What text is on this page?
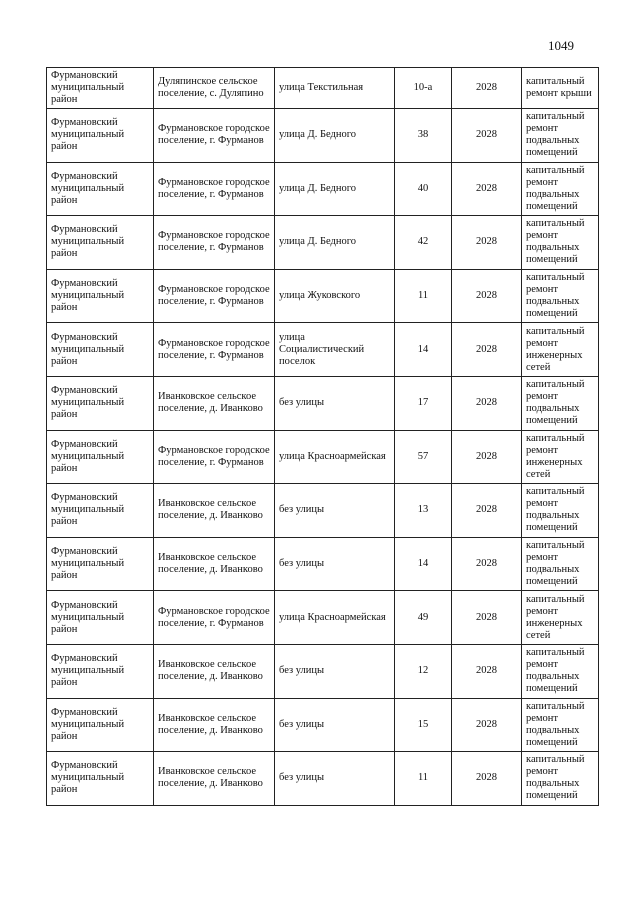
1049
Фурмановский муниципальный район	Дуляпинское сельское поселение, с. Дуляпино	улица Текстильная	10-а	2028	капитальный ремонт крыши
Фурмановский муниципальный район	Фурмановское городское поселение, г. Фурманов	улица Д. Бедного	38	2028	капитальный ремонт подвальных помещений
Фурмановский муниципальный район	Фурмановское городское поселение, г. Фурманов	улица Д. Бедного	40	2028	капитальный ремонт подвальных помещений
Фурмановский муниципальный район	Фурмановское городское поселение, г. Фурманов	улица Д. Бедного	42	2028	капитальный ремонт подвальных помещений
Фурмановский муниципальный район	Фурмановское городское поселение, г. Фурманов	улица Жуковского	11	2028	капитальный ремонт подвальных помещений
Фурмановский муниципальный район	Фурмановское городское поселение, г. Фурманов	улица Социалистический поселок	14	2028	капитальный ремонт инженерных сетей
Фурмановский муниципальный район	Иванковское сельское поселение, д. Иванково	без улицы	17	2028	капитальный ремонт подвальных помещений
Фурмановский муниципальный район	Фурмановское городское поселение, г. Фурманов	улица Красноармейская	57	2028	капитальный ремонт инженерных сетей
Фурмановский муниципальный район	Иванковское сельское поселение, д. Иванково	без улицы	13	2028	капитальный ремонт подвальных помещений
Фурмановский муниципальный район	Иванковское сельское поселение, д. Иванково	без улицы	14	2028	капитальный ремонт подвальных помещений
Фурмановский муниципальный район	Фурмановское городское поселение, г. Фурманов	улица Красноармейская	49	2028	капитальный ремонт инженерных сетей
Фурмановский муниципальный район	Иванковское сельское поселение, д. Иванково	без улицы	12	2028	капитальный ремонт подвальных помещений
Фурмановский муниципальный район	Иванковское сельское поселение, д. Иванково	без улицы	15	2028	капитальный ремонт подвальных помещений
Фурмановский муниципальный район	Иванковское сельское поселение, д. Иванково	без улицы	11	2028	капитальный ремонт подвальных помещений
